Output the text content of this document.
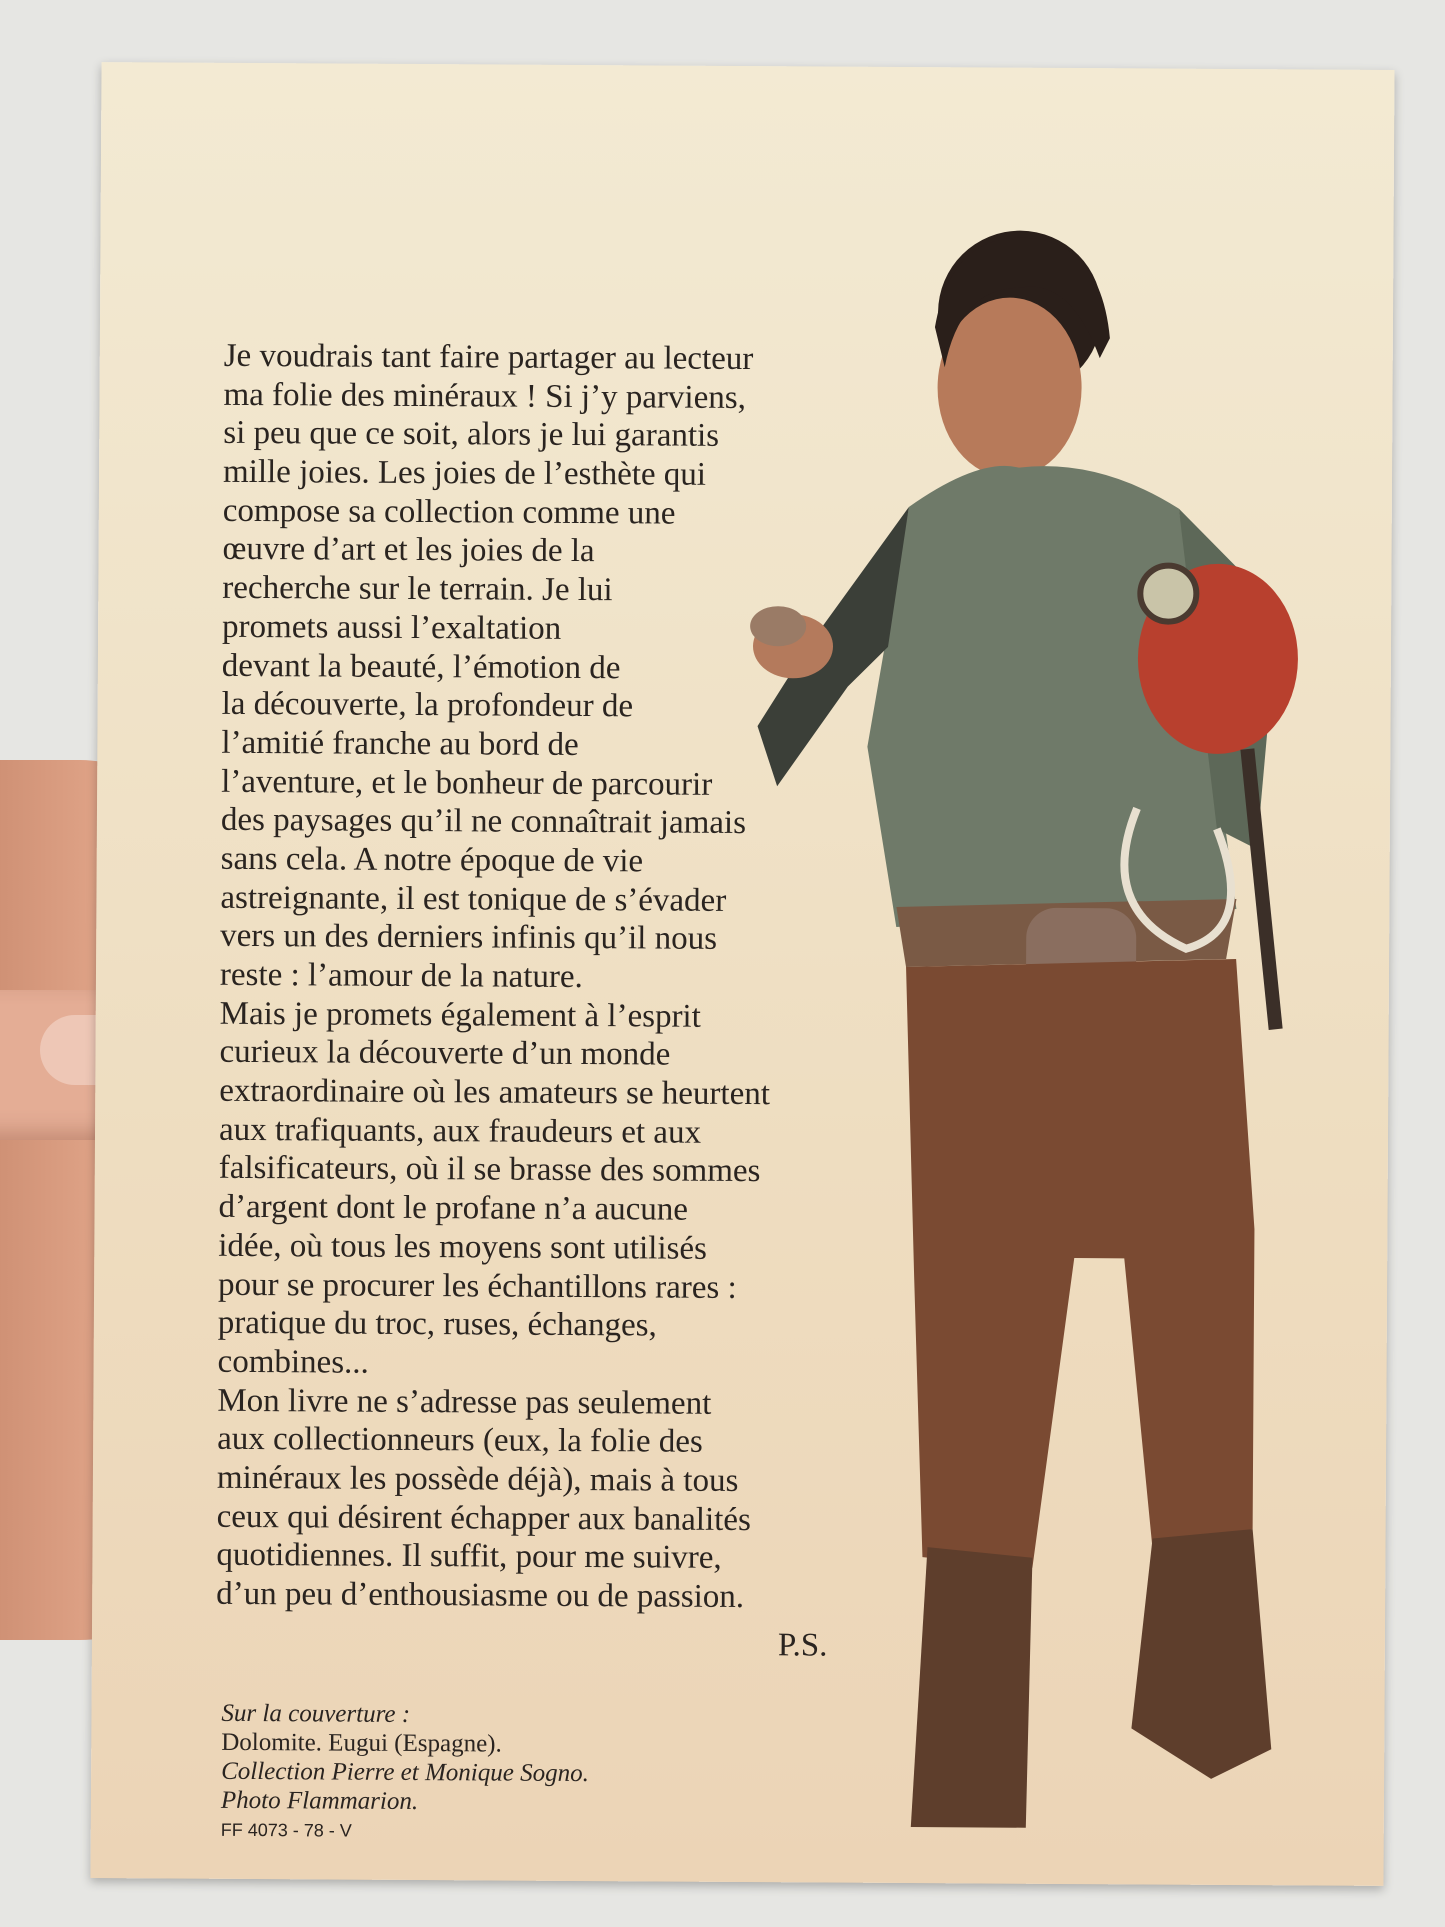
Je voudrais tant faire partager au lecteur
ma folie des minéraux ! Si j’y parviens,
si peu que ce soit, alors je lui garantis
mille joies. Les joies de l’esthète qui
compose sa collection comme une
œuvre d’art et les joies de la
recherche sur le terrain. Je lui
promets aussi l’exaltation
devant la beauté, l’émotion de
la découverte, la profondeur de
l’amitié franche au bord de
l’aventure, et le bonheur de parcourir
des paysages qu’il ne connaîtrait jamais
sans cela. A notre époque de vie
astreignante, il est tonique de s’évader
vers un des derniers infinis qu’il nous
reste : l’amour de la nature.
Mais je promets également à l’esprit
curieux la découverte d’un monde
extraordinaire où les amateurs se heurtent
aux trafiquants, aux fraudeurs et aux
falsificateurs, où il se brasse des sommes
d’argent dont le profane n’a aucune
idée, où tous les moyens sont utilisés
pour se procurer les échantillons rares :
pratique du troc, ruses, échanges,
combines...
Mon livre ne s’adresse pas seulement
aux collectionneurs (eux, la folie des
minéraux les possède déjà), mais à tous
ceux qui désirent échapper aux banalités
quotidiennes. Il suffit, pour me suivre,
d’un peu d’enthousiasme ou de passion.
P.S.
Sur la couverture :
Dolomite. Eugui (Espagne).
Collection Pierre et Monique Sogno.
Photo Flammarion.
FF 4073 - 78 - V
